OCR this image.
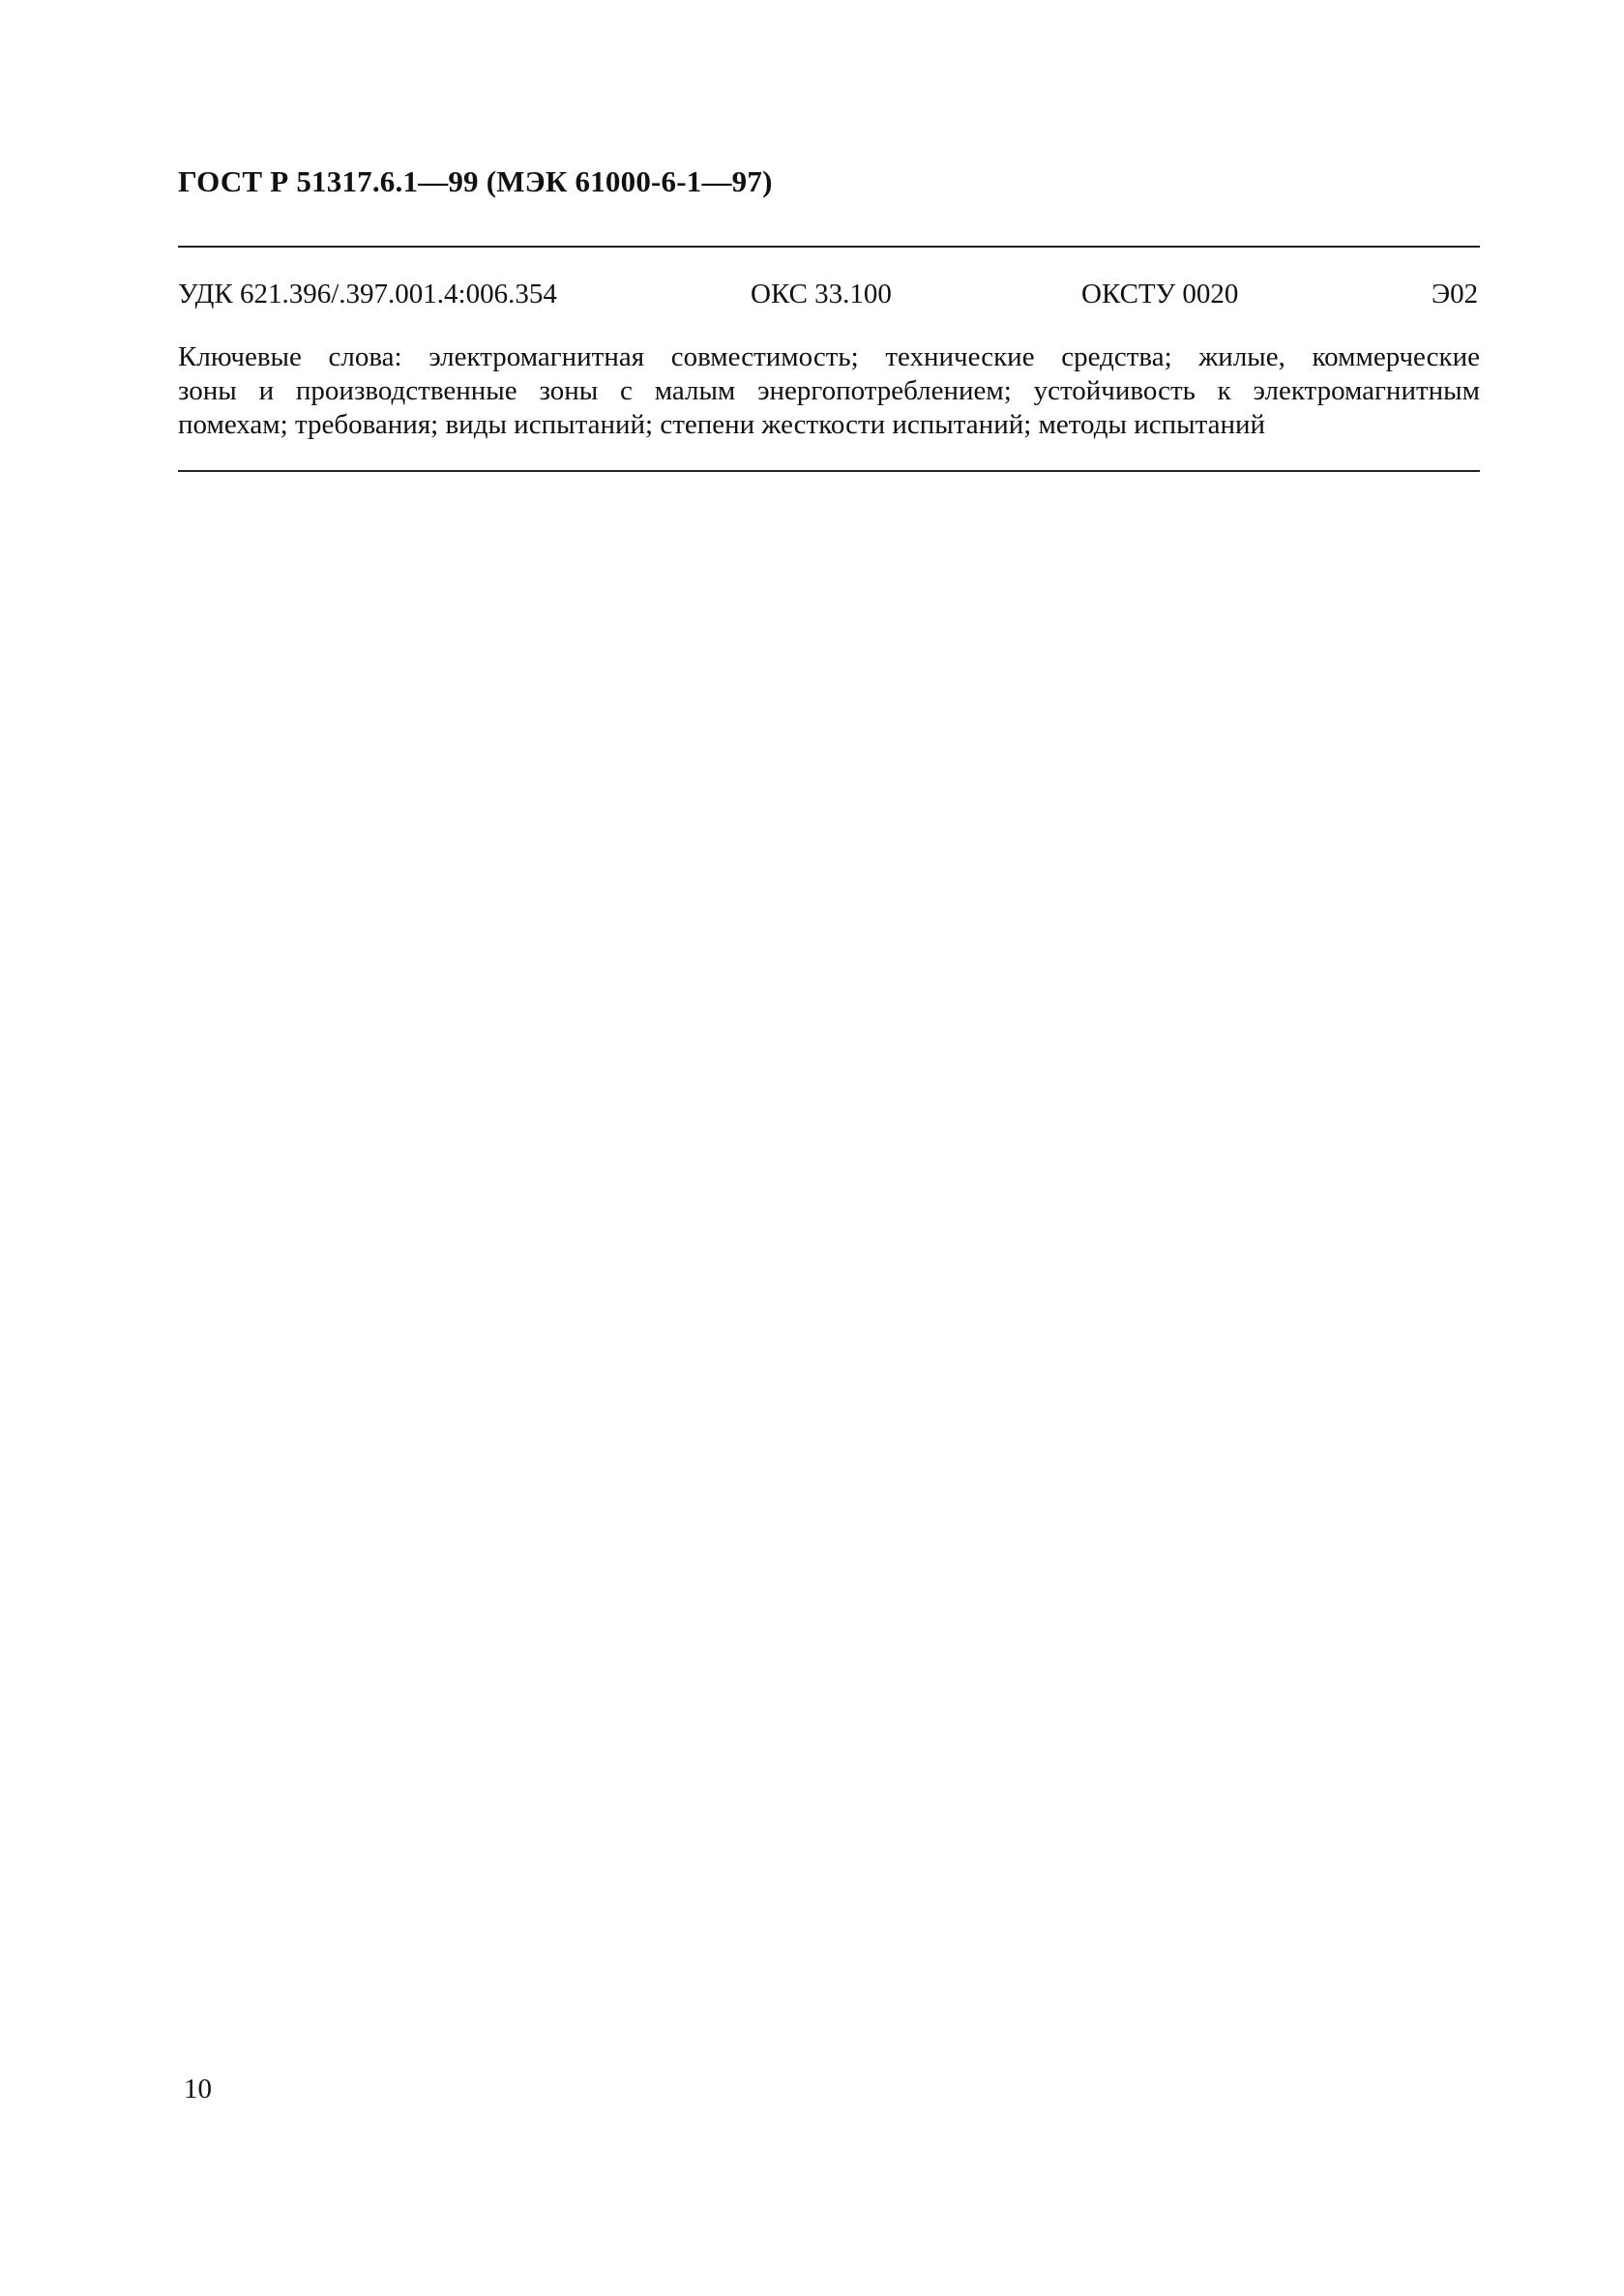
ГОСТ Р 51317.6.1—99 (МЭК 61000-6-1—97)
УДК 621.396/.397.001.4:006.354	ОКС 33.100	ОКСТУ 0020	Э02
Ключевые слова: электромагнитная совместимость; технические средства; жилые, коммерческие
зоны и производственные зоны с малым энергопотреблением; устойчивость к электромагнитным
помехам; требования; виды испытаний; степени жесткости испытаний; методы испытаний
10
